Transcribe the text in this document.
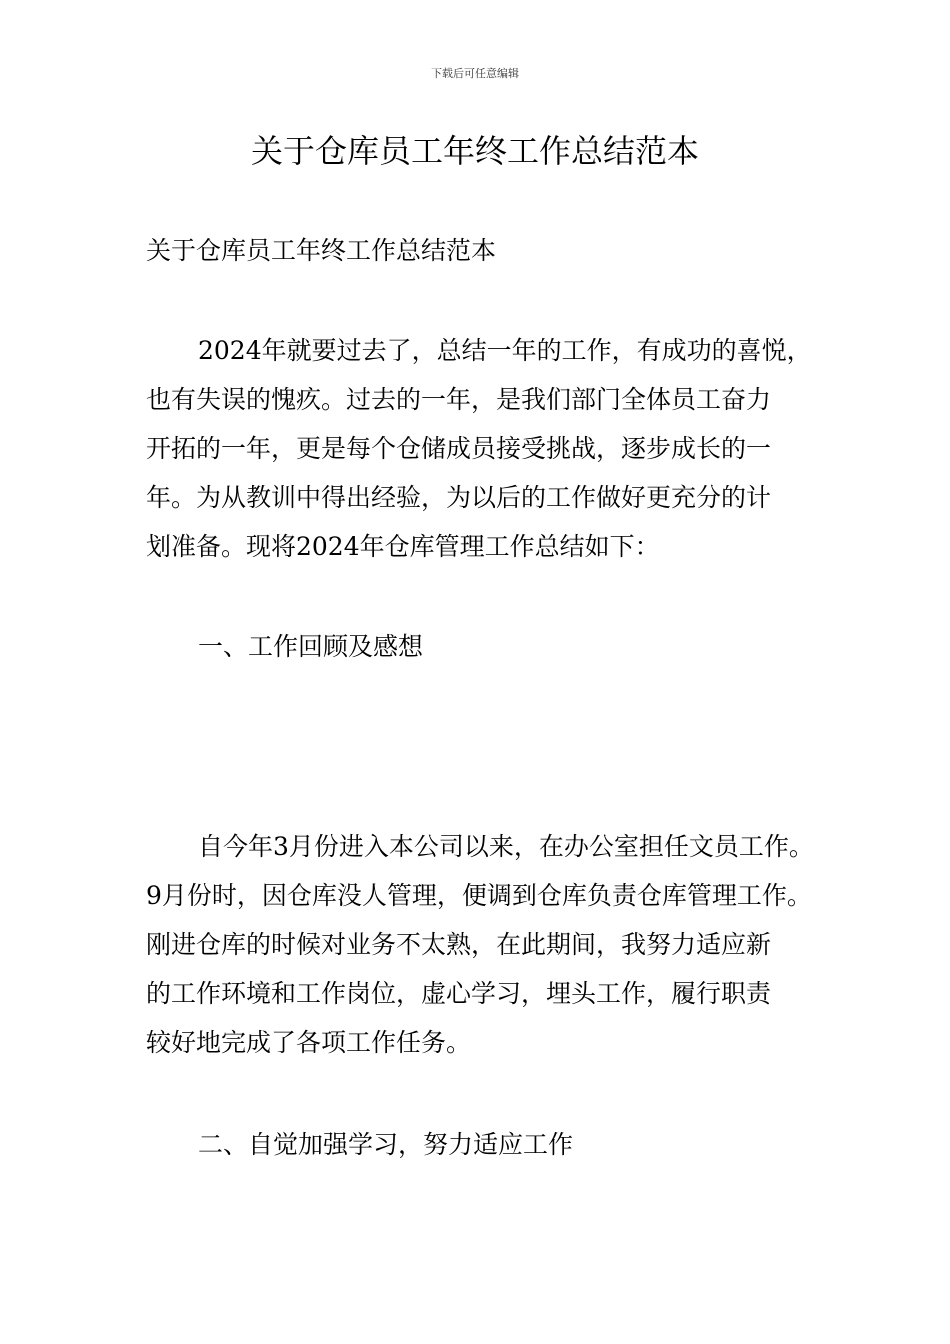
下载后可任意编辑
关于仓库员工年终工作总结范本

关于仓库员工年终工作总结范本

2024年就要过去了，总结一年的工作，有成功的喜悦，
也有失误的愧疚。过去的一年，是我们部门全体员工奋力
开拓的一年，更是每个仓储成员接受挑战，逐步成长的一
年。为从教训中得出经验，为以后的工作做好更充分的计
划准备。现将2024年仓库管理工作总结如下：

一、工作回顾及感想

自今年3月份进入本公司以来，在办公室担任文员工作。
9月份时，因仓库没人管理，便调到仓库负责仓库管理工作。
刚进仓库的时候对业务不太熟，在此期间，我努力适应新
的工作环境和工作岗位，虚心学习，埋头工作，履行职责
较好地完成了各项工作任务。

二、自觉加强学习，努力适应工作
